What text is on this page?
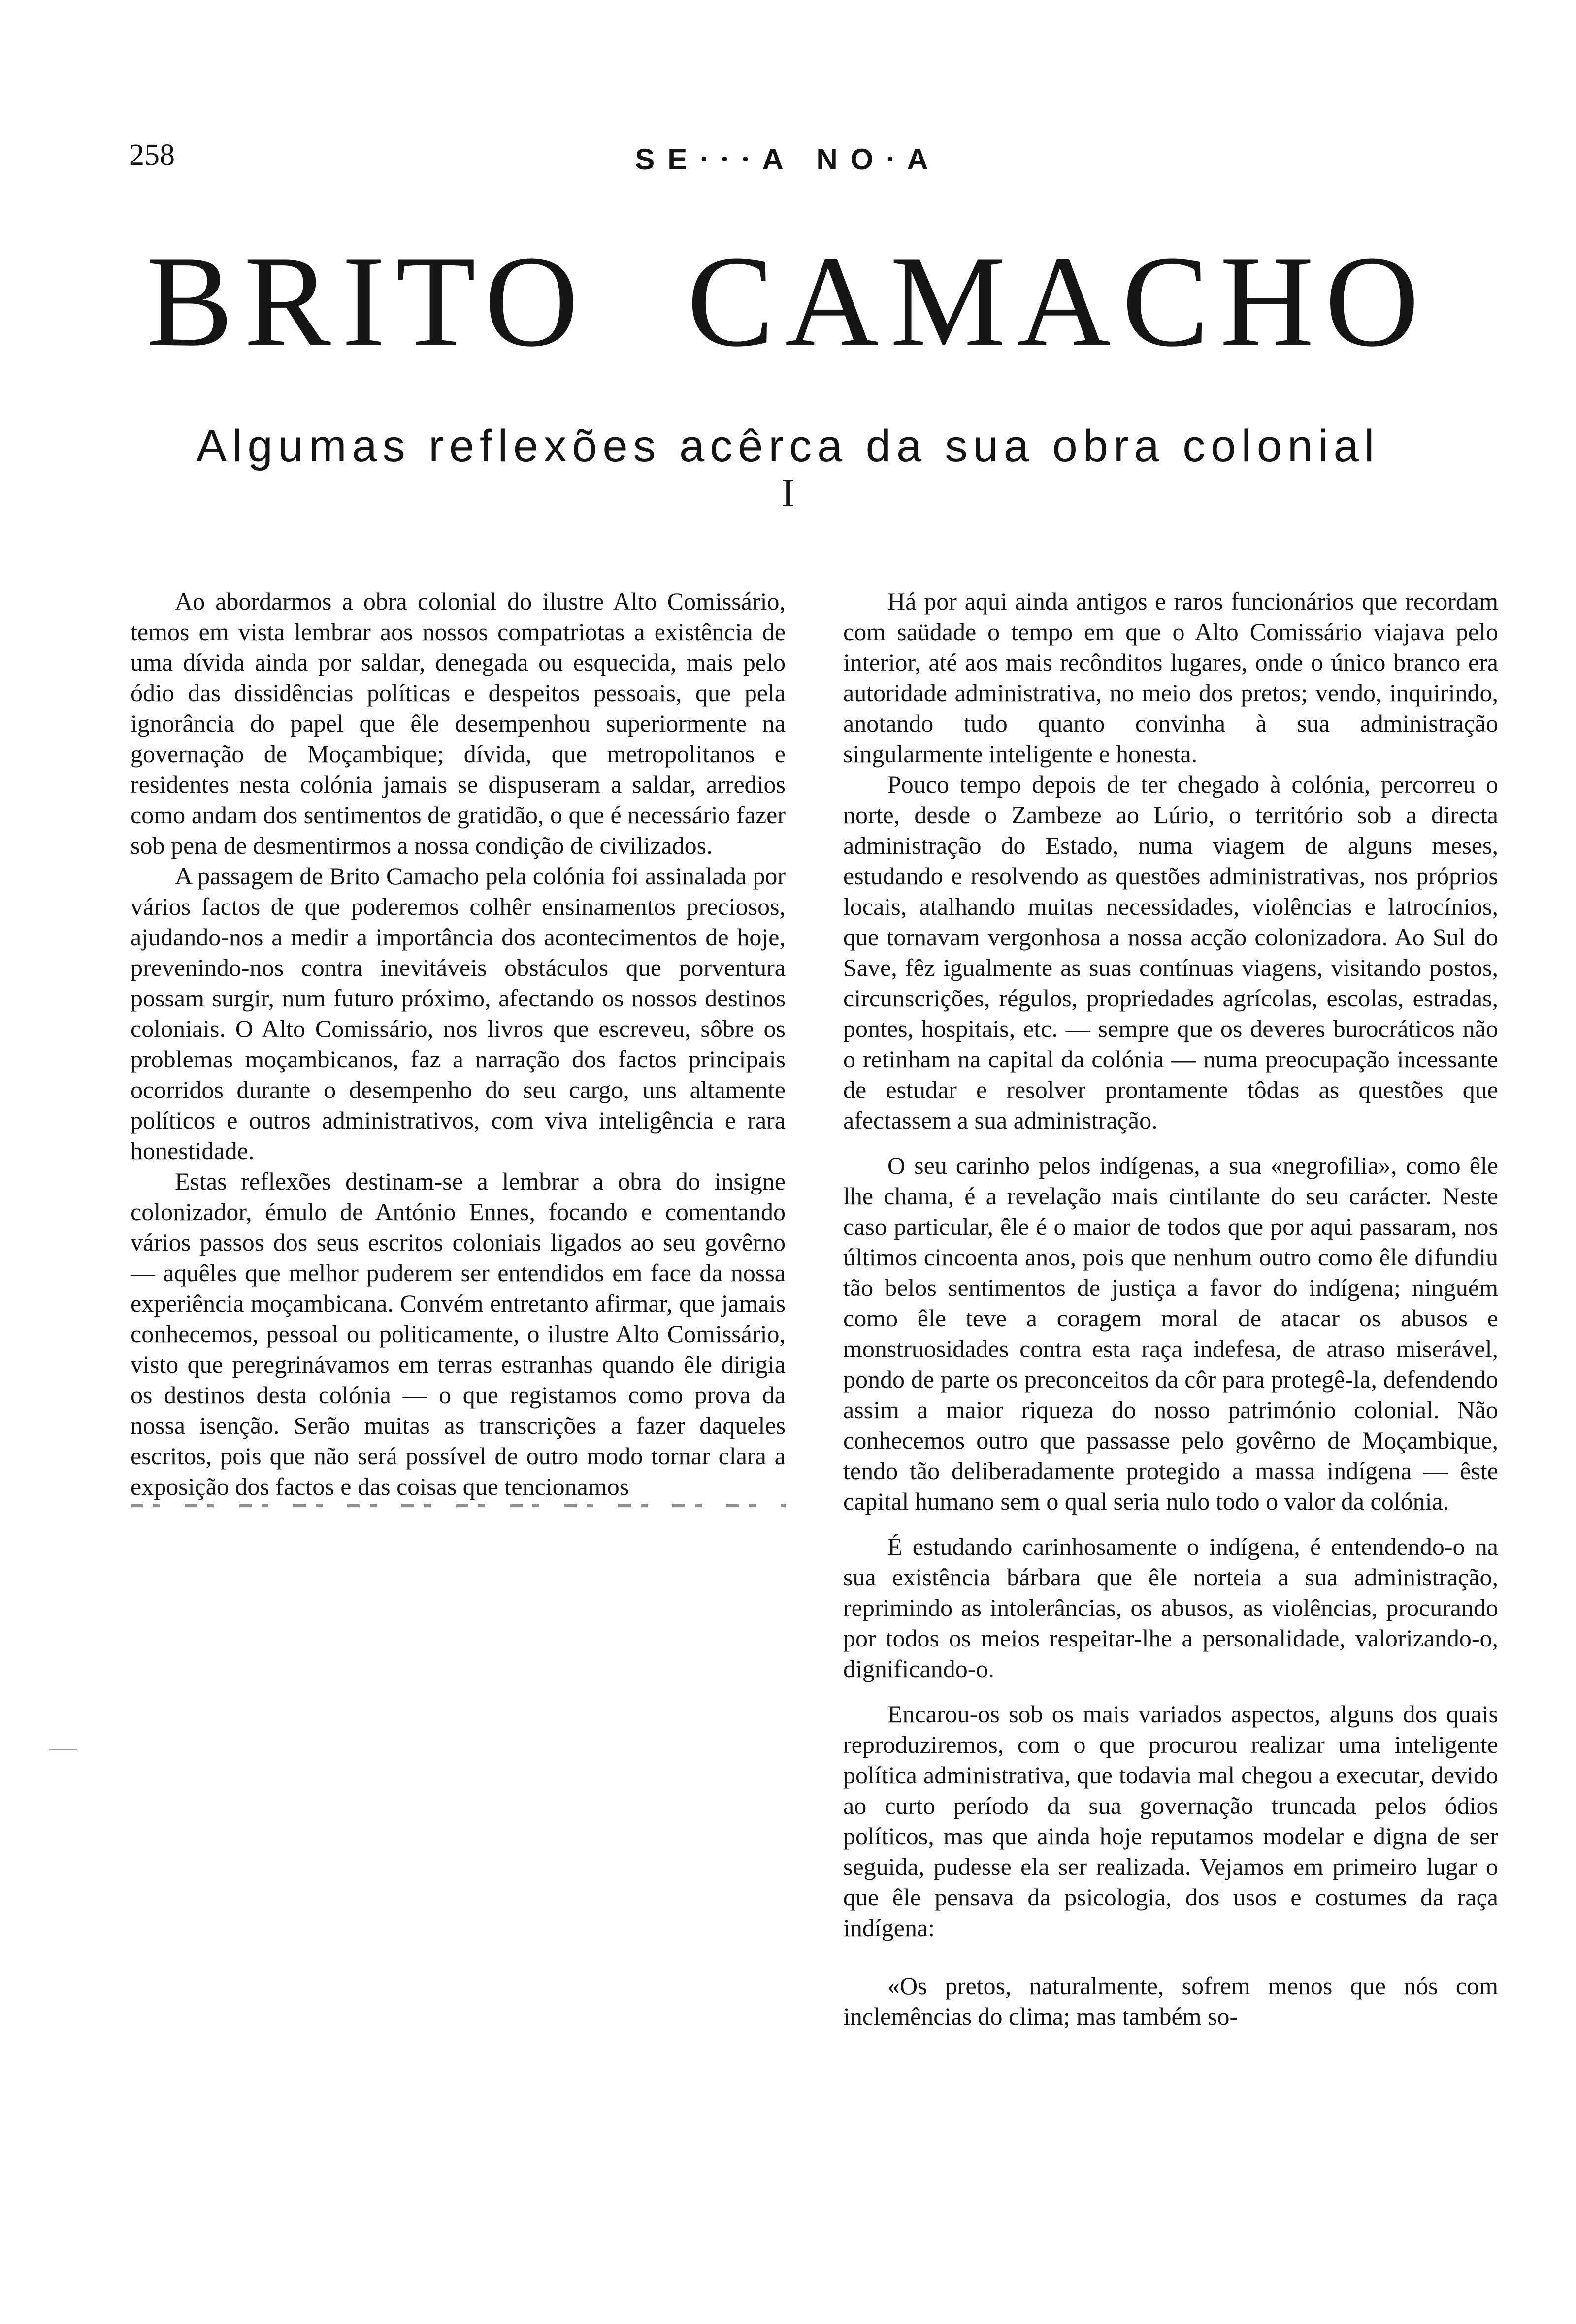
258	SE⸱⸱⸱A NO⸱A
BRITO CAMACHO
Algumas reflexões acêrca da sua obra colonial
I

Ao abordarmos a obra colonial do ilustre Alto Comissário, temos em vista lembrar aos nossos compatriotas a existência de uma dívida ainda por saldar, denegada ou esquecida, mais pelo ódio das dissidências políticas e despeitos pessoais, que pela ignorância do papel que êle desempenhou superiormente na governação de Moçambique; dívida, que metropolitanos e residentes nesta colónia jamais se dispuseram a saldar, arredios como andam dos sentimentos de gratidão, o que é necessário fazer sob pena de desmentirmos a nossa condição de civilizados.

A passagem de Brito Camacho pela colónia foi assinalada por vários factos de que poderemos colhêr ensinamentos preciosos, ajudando-nos a medir a importância dos acontecimentos de hoje, prevenindo-nos contra inevitáveis obstáculos que porventura possam surgir, num futuro próximo, afectando os nossos destinos coloniais. O Alto Comissário, nos livros que escreveu, sôbre os problemas moçambicanos, faz a narração dos factos principais ocorridos durante o desempenho do seu cargo, uns altamente políticos e outros administrativos, com viva inteligência e rara honestidade.

Estas reflexões destinam-se a lembrar a obra do insigne colonizador, émulo de António Ennes, focando e comentando vários passos dos seus escritos coloniais ligados ao seu govêrno — aquêles que melhor puderem ser entendidos em face da nossa experiência moçambicana. Convém entretanto afirmar, que jamais conhecemos, pessoal ou politicamente, o ilustre Alto Comissário, visto que peregrinávamos em terras estranhas quando êle dirigia os destinos desta colónia — o que registamos como prova da nossa isenção. Serão muitas as transcrições a fazer daqueles escritos, pois que não será possível de outro modo tornar clara a exposição dos factos e das coisas que tencionamos

Há por aqui ainda antigos e raros funcionários que recordam com saüdade o tempo em que o Alto Comissário viajava pelo interior, até aos mais recônditos lugares, onde o único branco era autoridade administrativa, no meio dos pretos; vendo, inquirindo, anotando tudo quanto convinha à sua administração singularmente inteligente e honesta.

Pouco tempo depois de ter chegado à colónia, percorreu o norte, desde o Zambeze ao Lúrio, o território sob a directa administração do Estado, numa viagem de alguns meses, estudando e resolvendo as questões administrativas, nos próprios locais, atalhando muitas necessidades, violências e latrocínios, que tornavam vergonhosa a nossa acção colonizadora. Ao Sul do Save, fêz igualmente as suas contínuas viagens, visitando postos, circunscrições, régulos, propriedades agrícolas, escolas, estradas, pontes, hospitais, etc. — sempre que os deveres burocráticos não o retinham na capital da colónia — numa preocupação incessante de estudar e resolver prontamente tôdas as questões que afectassem a sua administração.

O seu carinho pelos indígenas, a sua «negrofilia», como êle lhe chama, é a revelação mais cintilante do seu carácter. Neste caso particular, êle é o maior de todos que por aqui passaram, nos últimos cincoenta anos, pois que nenhum outro como êle difundiu tão belos sentimentos de justiça a favor do indígena; ninguém como êle teve a coragem moral de atacar os abusos e monstruosidades contra esta raça indefesa, de atraso miserável, pondo de parte os preconceitos da côr para protegê-la, defendendo assim a maior riqueza do nosso património colonial. Não conhecemos outro que passasse pelo govêrno de Moçambique, tendo tão deliberadamente protegido a massa indígena — êste capital humano sem o qual seria nulo todo o valor da colónia.

É estudando carinhosamente o indígena, é entendendo-o na sua existência bárbara que êle norteia a sua administração, reprimindo as intolerâncias, os abusos, as violências, procurando por todos os meios respeitar-lhe a personalidade, valorizando-o, dignificando-o.

Encarou-os sob os mais variados aspectos, alguns dos quais reproduziremos, com o que procurou realizar uma inteligente política administrativa, que todavia mal chegou a executar, devido ao curto período da sua governação truncada pelos ódios políticos, mas que ainda hoje reputamos modelar e digna de ser seguida, pudesse ela ser realizada. Vejamos em primeiro lugar o que êle pensava da psicologia, dos usos e costumes da raça indígena:

«Os pretos, naturalmente, sofrem menos que nós com inclemências do clima; mas também so-
